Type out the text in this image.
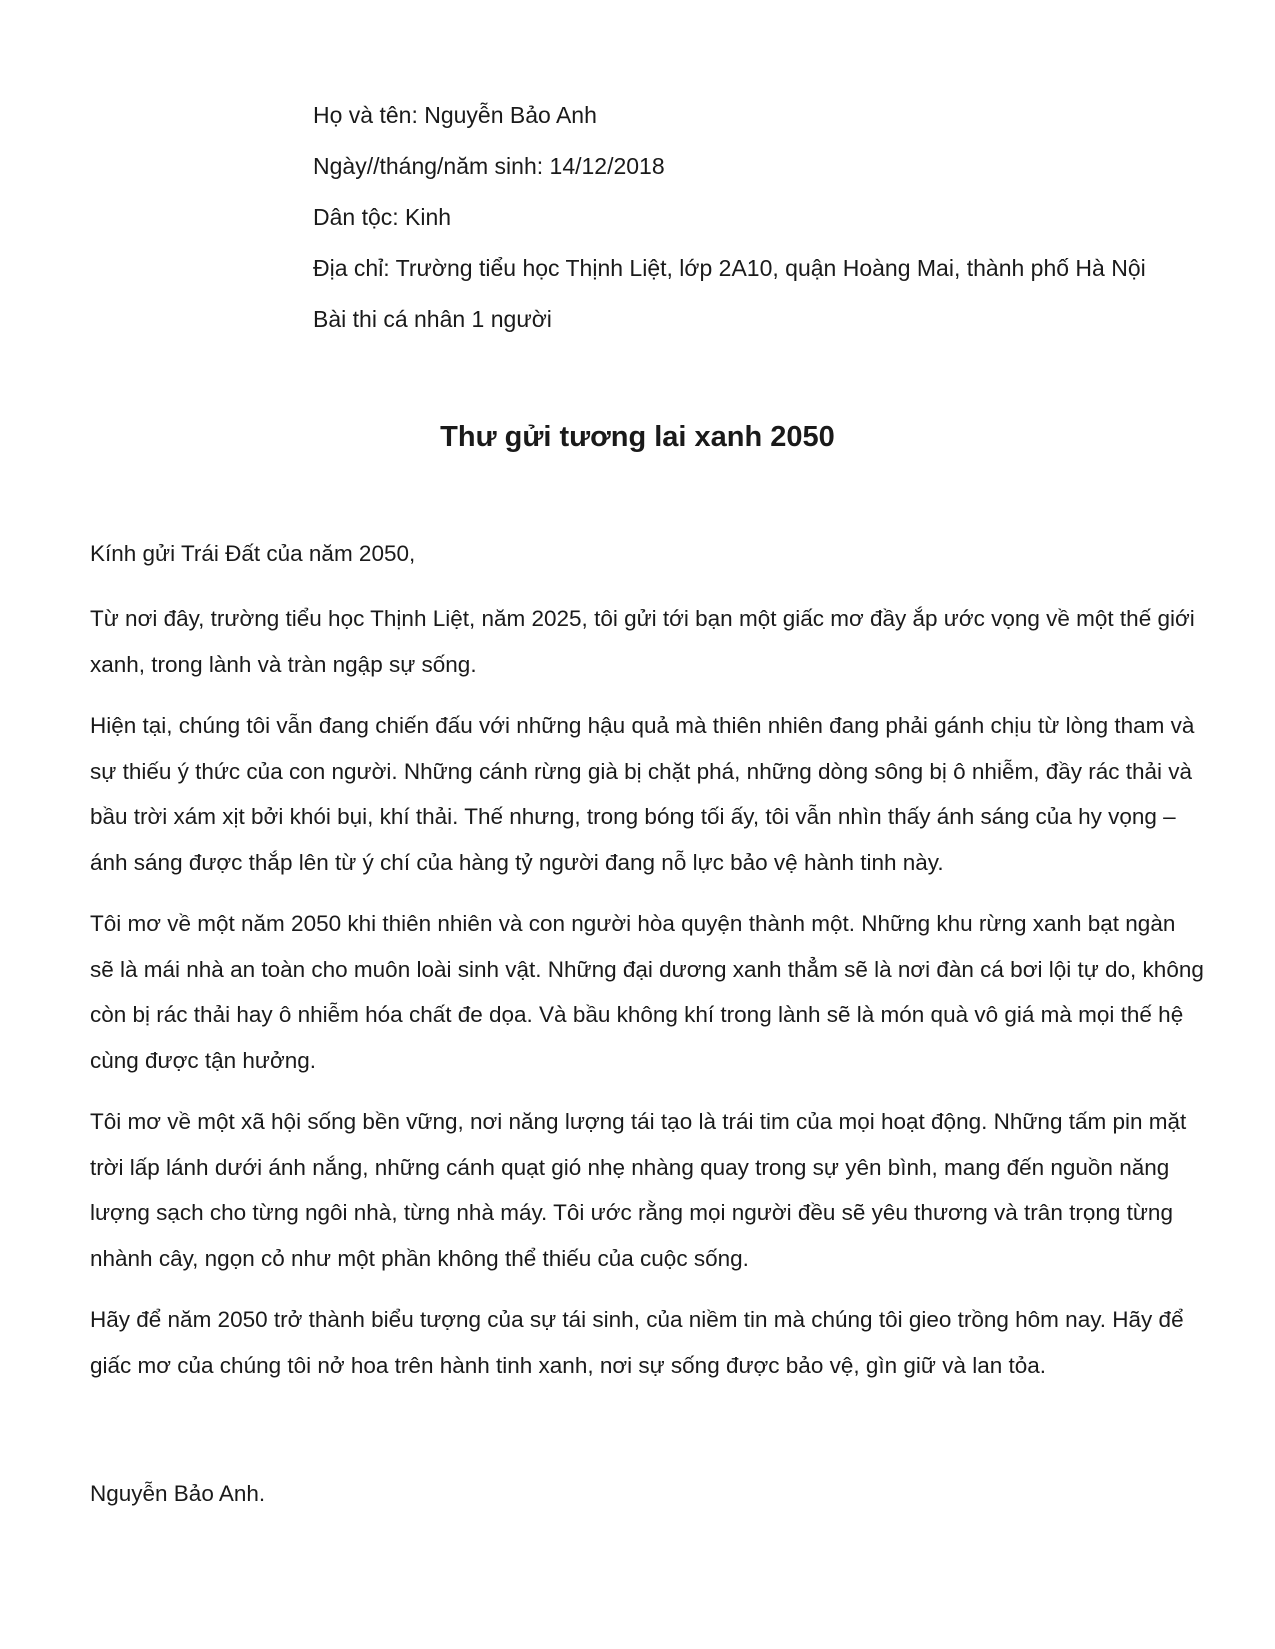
Họ và tên: Nguyễn Bảo Anh

Ngày//tháng/năm sinh: 14/12/2018

Dân tộc: Kinh

Địa chỉ: Trường tiểu học Thịnh Liệt, lớp 2A10, quận Hoàng Mai, thành phố Hà Nội

Bài thi cá nhân 1 người

Thư gửi tương lai xanh 2050

Kính gửi Trái Đất của năm 2050,

Từ nơi đây, trường tiểu học Thịnh Liệt, năm 2025, tôi gửi tới bạn một giấc mơ đầy ắp ước vọng về một thế giới xanh, trong lành và tràn ngập sự sống.

Hiện tại, chúng tôi vẫn đang chiến đấu với những hậu quả mà thiên nhiên đang phải gánh chịu từ lòng tham và sự thiếu ý thức của con người. Những cánh rừng già bị chặt phá, những dòng sông bị ô nhiễm, đầy rác thải và bầu trời xám xịt bởi khói bụi, khí thải. Thế nhưng, trong bóng tối ấy, tôi vẫn nhìn thấy ánh sáng của hy vọng – ánh sáng được thắp lên từ ý chí của hàng tỷ người đang nỗ lực bảo vệ hành tinh này.

Tôi mơ về một năm 2050 khi thiên nhiên và con người hòa quyện thành một. Những khu rừng xanh bạt ngàn sẽ là mái nhà an toàn cho muôn loài sinh vật. Những đại dương xanh thẳm sẽ là nơi đàn cá bơi lội tự do, không còn bị rác thải hay ô nhiễm hóa chất đe dọa. Và bầu không khí trong lành sẽ là món quà vô giá mà mọi thế hệ cùng được tận hưởng.

Tôi mơ về một xã hội sống bền vững, nơi năng lượng tái tạo là trái tim của mọi hoạt động. Những tấm pin mặt trời lấp lánh dưới ánh nắng, những cánh quạt gió nhẹ nhàng quay trong sự yên bình, mang đến nguồn năng lượng sạch cho từng ngôi nhà, từng nhà máy. Tôi ước rằng mọi người đều sẽ yêu thương và trân trọng từng nhành cây, ngọn cỏ như một phần không thể thiếu của cuộc sống.

Hãy để năm 2050 trở thành biểu tượng của sự tái sinh, của niềm tin mà chúng tôi gieo trồng hôm nay. Hãy để giấc mơ của chúng tôi nở hoa trên hành tinh xanh, nơi sự sống được bảo vệ, gìn giữ và lan tỏa.

Nguyễn Bảo Anh.
